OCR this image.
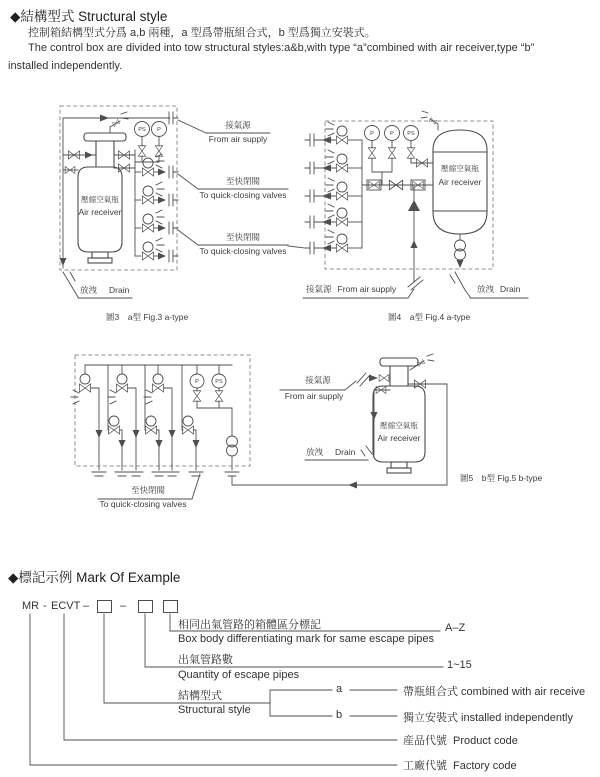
◆結構型式 Structural style
控制箱結構型式分爲 a,b 兩種，a 型爲帶瓶組合式，b 型爲獨立安裝式。
The control box are divided into tow structural styles:a&b,with type “a”combined with air receiver,type “b”
installed independently.
PS P
P	P PS
P	PS
接氣源
From air supply
至快閉閥
To quick-closing valves
至快閉閥
To quick-closing valves
放洩 Drain
壓縮空氣瓶
Air receiver
圖3　a型 Fig.3 a-type
壓縮空氣瓶
Air receiver
接氣源 From air supply	放洩 Drain
圖4　a型 Fig.4 a-type
接氣源
From air supply
放洩 Drain
壓縮空氣瓶
Air receiver
至快閉閥
To quick-closing valves
圖5　b型 Fig.5 b-type
◆標記示例 Mark Of Example
MR - ECVT –	–
相同出氣管路的箱體區分標記
Box body differentiating mark for same escape pipes
A–Z
出氣管路數
Quantity of escape pipes
1~15
結構型式
Structural style
a	帶瓶組合式 combined with air receive
b	獨立安裝式 installed independently
産品代號 Product code
工廠代號 Factory code
